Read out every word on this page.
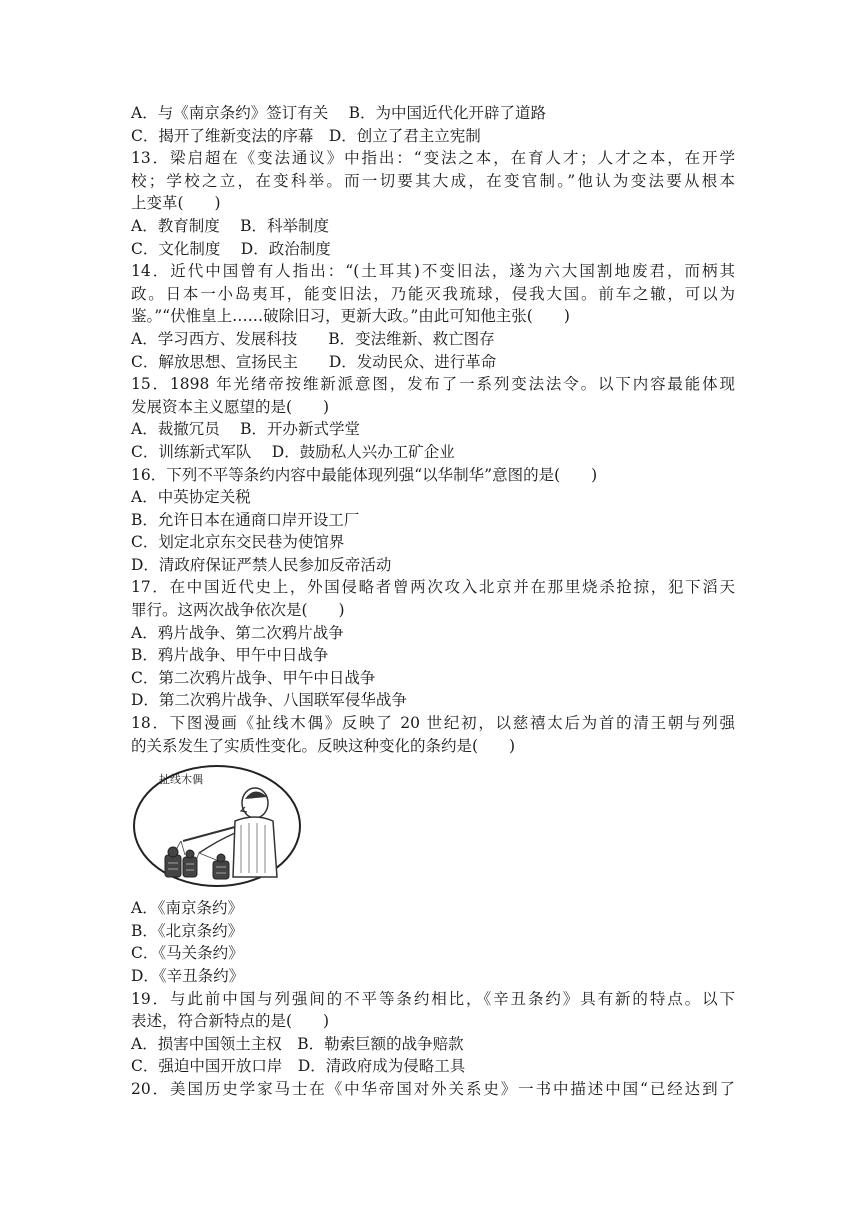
A．与《南京条约》签订有关　 B．为中国近代化开辟了道路
C．揭开了维新变法的序幕　D．创立了君主立宪制
13．梁启超在《变法通议》中指出：“变法之本，在育人才；人才之本，在开学
校；学校之立，在变科举。而一切要其大成，在变官制。”他认为变法要从根本
上变革(　　)
A．教育制度　 B．科举制度
C．文化制度　 D．政治制度
14．近代中国曾有人指出：“(土耳其)不变旧法，遂为六大国割地废君，而柄其
政。日本一小岛夷耳，能变旧法，乃能灭我琉球，侵我大国。前车之辙，可以为
鉴。”“伏惟皇上……破除旧习，更新大政。”由此可知他主张(　　)
A．学习西方、发展科技　　B．变法维新、救亡图存
C．解放思想、宣扬民主　　D．发动民众、进行革命
15．1898 年光绪帝按维新派意图，发布了一系列变法法令。以下内容最能体现
发展资本主义愿望的是(　　)
A．裁撤冗员　 B．开办新式学堂
C．训练新式军队　 D．鼓励私人兴办工矿企业
16．下列不平等条约内容中最能体现列强“以华制华”意图的是(　　)
A．中英协定关税
B．允许日本在通商口岸开设工厂
C．划定北京东交民巷为使馆界
D．清政府保证严禁人民参加反帝活动
17．在中国近代史上，外国侵略者曾两次攻入北京并在那里烧杀抢掠，犯下滔天
罪行。这两次战争依次是(　　)
A．鸦片战争、第二次鸦片战争
B．鸦片战争、甲午中日战争
C．第二次鸦片战争、甲午中日战争
D．第二次鸦片战争、八国联军侵华战争
18．下图漫画《扯线木偶》反映了 20 世纪初，以慈禧太后为首的清王朝与列强
的关系发生了实质性变化。反映这种变化的条约是(　　)
扯线木偶
A．《南京条约》
B．《北京条约》
C．《马关条约》
D．《辛丑条约》
19．与此前中国与列强间的不平等条约相比，《辛丑条约》具有新的特点。以下
表述，符合新特点的是(　　)
A．损害中国领土主权　B．勒索巨额的战争赔款
C．强迫中国开放口岸　D．清政府成为侵略工具
20．美国历史学家马士在《中华帝国对外关系史》一书中描述中国“已经达到了
